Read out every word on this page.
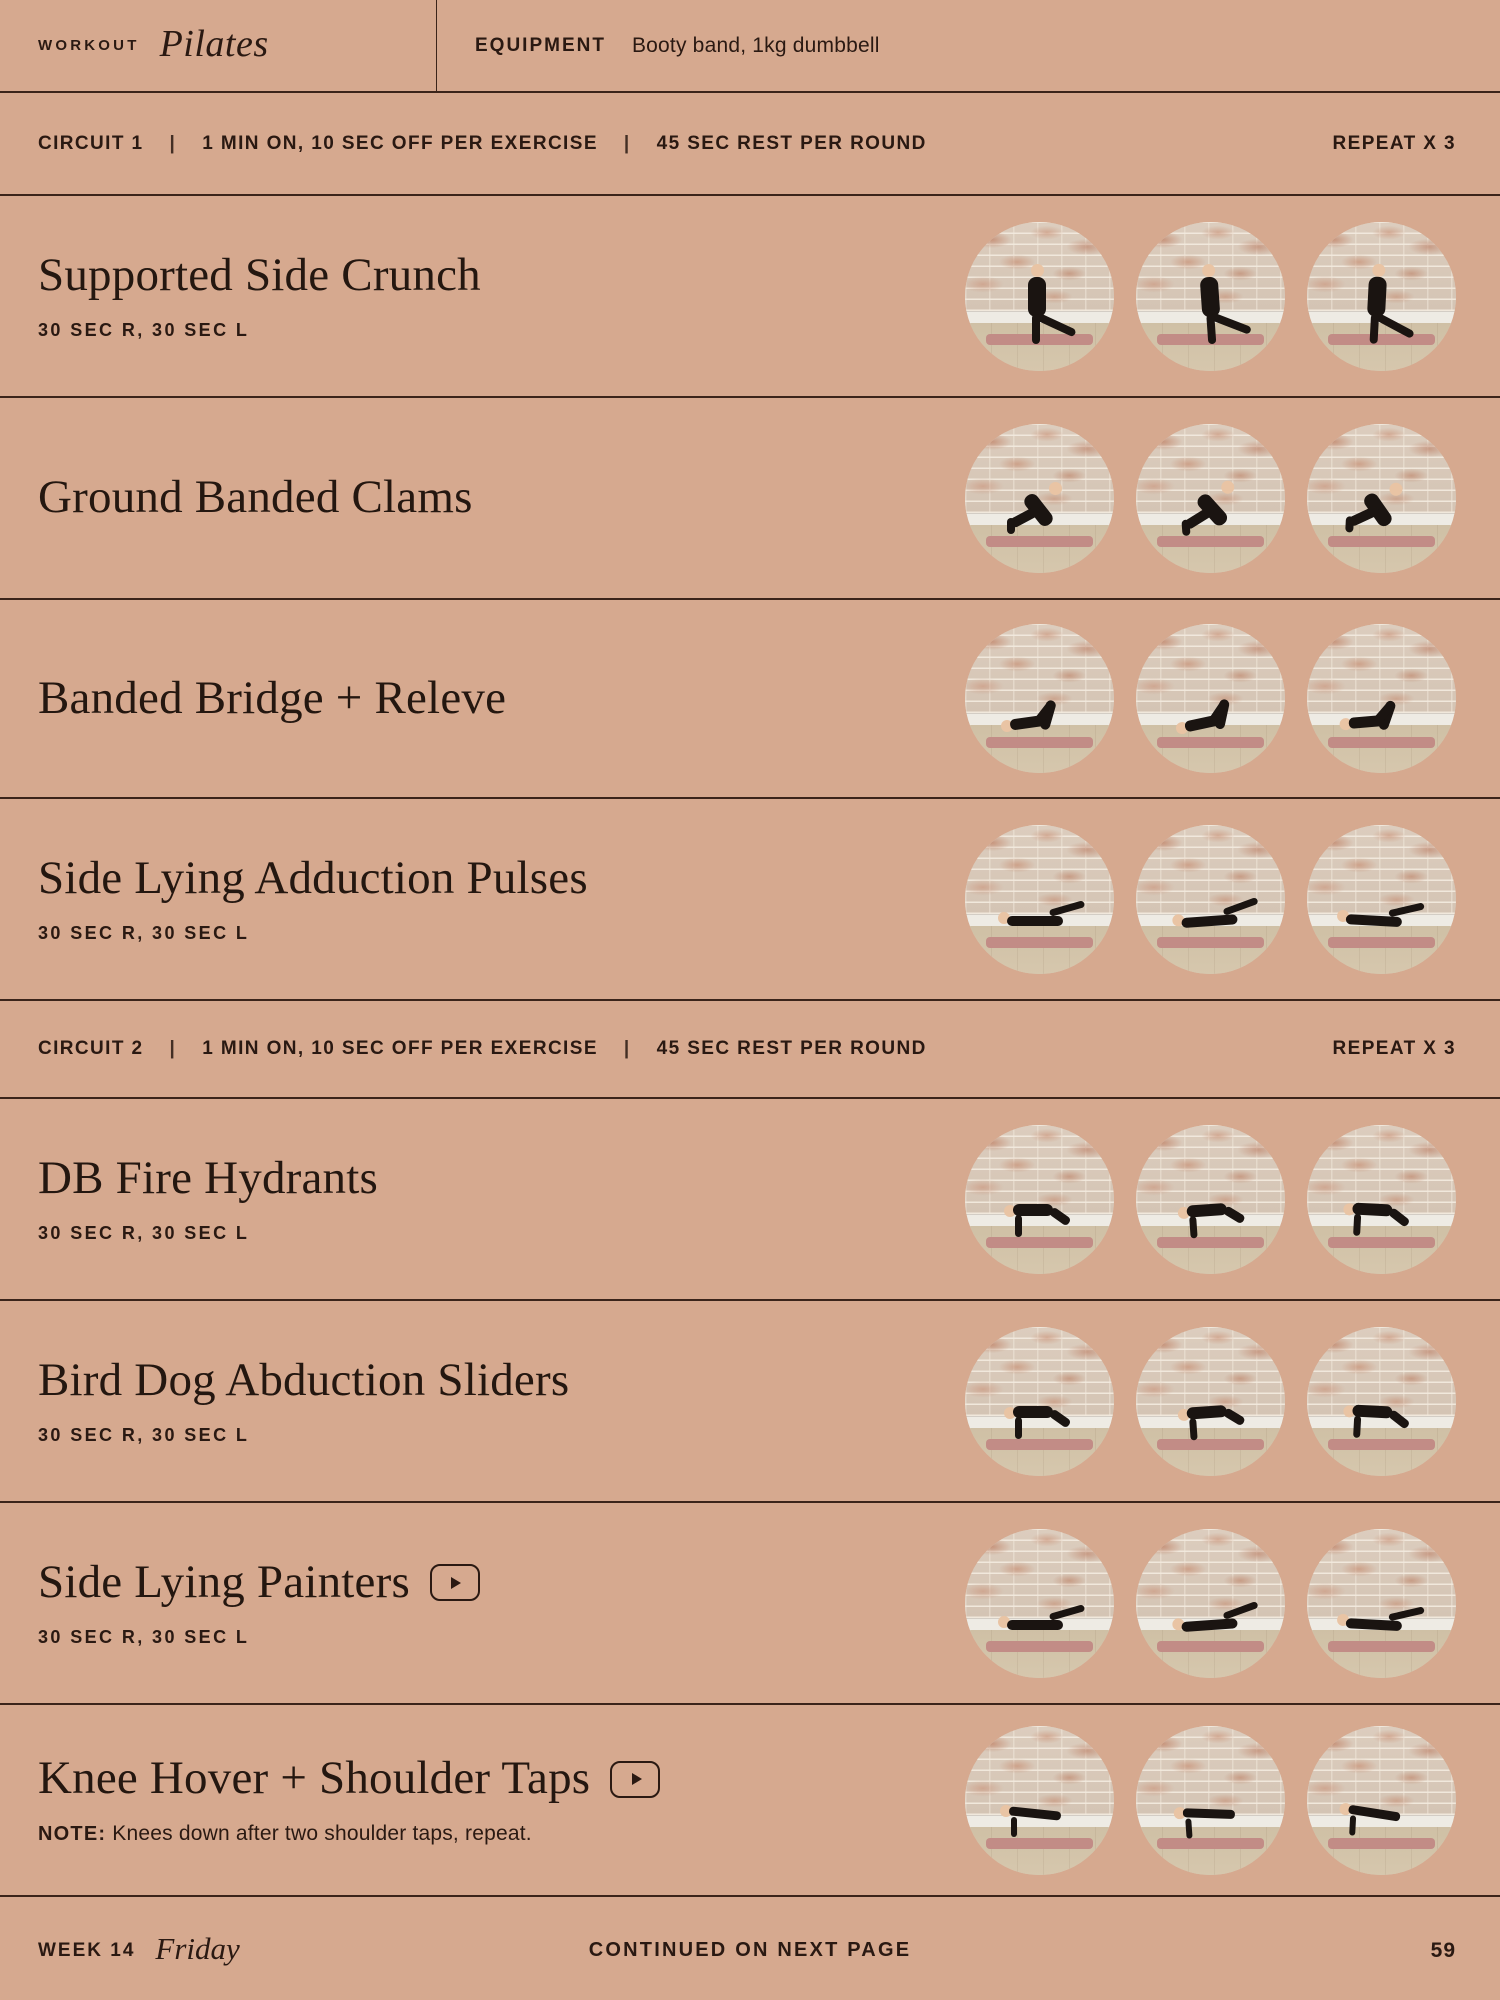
WORKOUT Pilates	EQUIPMENT Booty band, 1kg dumbbell
CIRCUIT 1 | 1 MIN ON, 10 SEC OFF PER EXERCISE | 45 SEC REST PER ROUND	REPEAT X 3
Supported Side Crunch
30 SEC R, 30 SEC L
Ground Banded Clams
Banded Bridge + Releve
Side Lying Adduction Pulses
30 SEC R, 30 SEC L
CIRCUIT 2 | 1 MIN ON, 10 SEC OFF PER EXERCISE | 45 SEC REST PER ROUND	REPEAT X 3
DB Fire Hydrants
30 SEC R, 30 SEC L
Bird Dog Abduction Sliders
30 SEC R, 30 SEC L
Side Lying Painters
30 SEC R, 30 SEC L
Knee Hover + Shoulder Taps
NOTE: Knees down after two shoulder taps, repeat.
WEEK 14 Friday	CONTINUED ON NEXT PAGE	59
